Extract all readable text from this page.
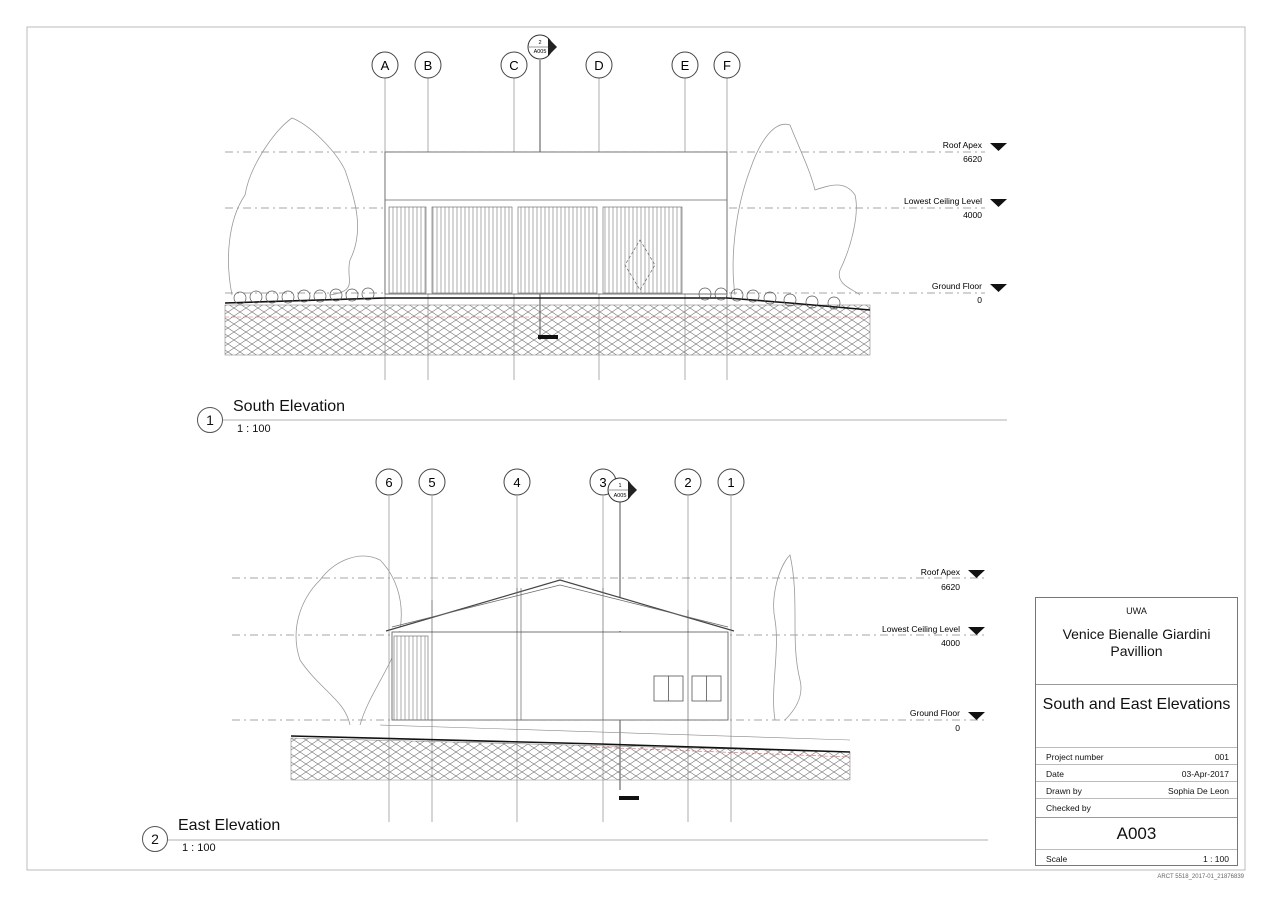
A	B	C	D	E	F
2
A005
Roof Apex
6620
Lowest Ceiling Level
4000
Ground Floor
0
6	5	4	3	2	1
1
A005
Roof Apex
6620
Lowest Ceiling Level
4000
Ground Floor
0
1
South Elevation
1 : 100
2
East Elevation
1 : 100
UWA
Venice Bienalle Giardini Pavillion
South and East Elevations
Project number	001
Date	03-Apr-2017
Drawn by	Sophia De Leon
Checked by
A003
Scale	1 : 100
ARCT 5518_2017-01_21876839
